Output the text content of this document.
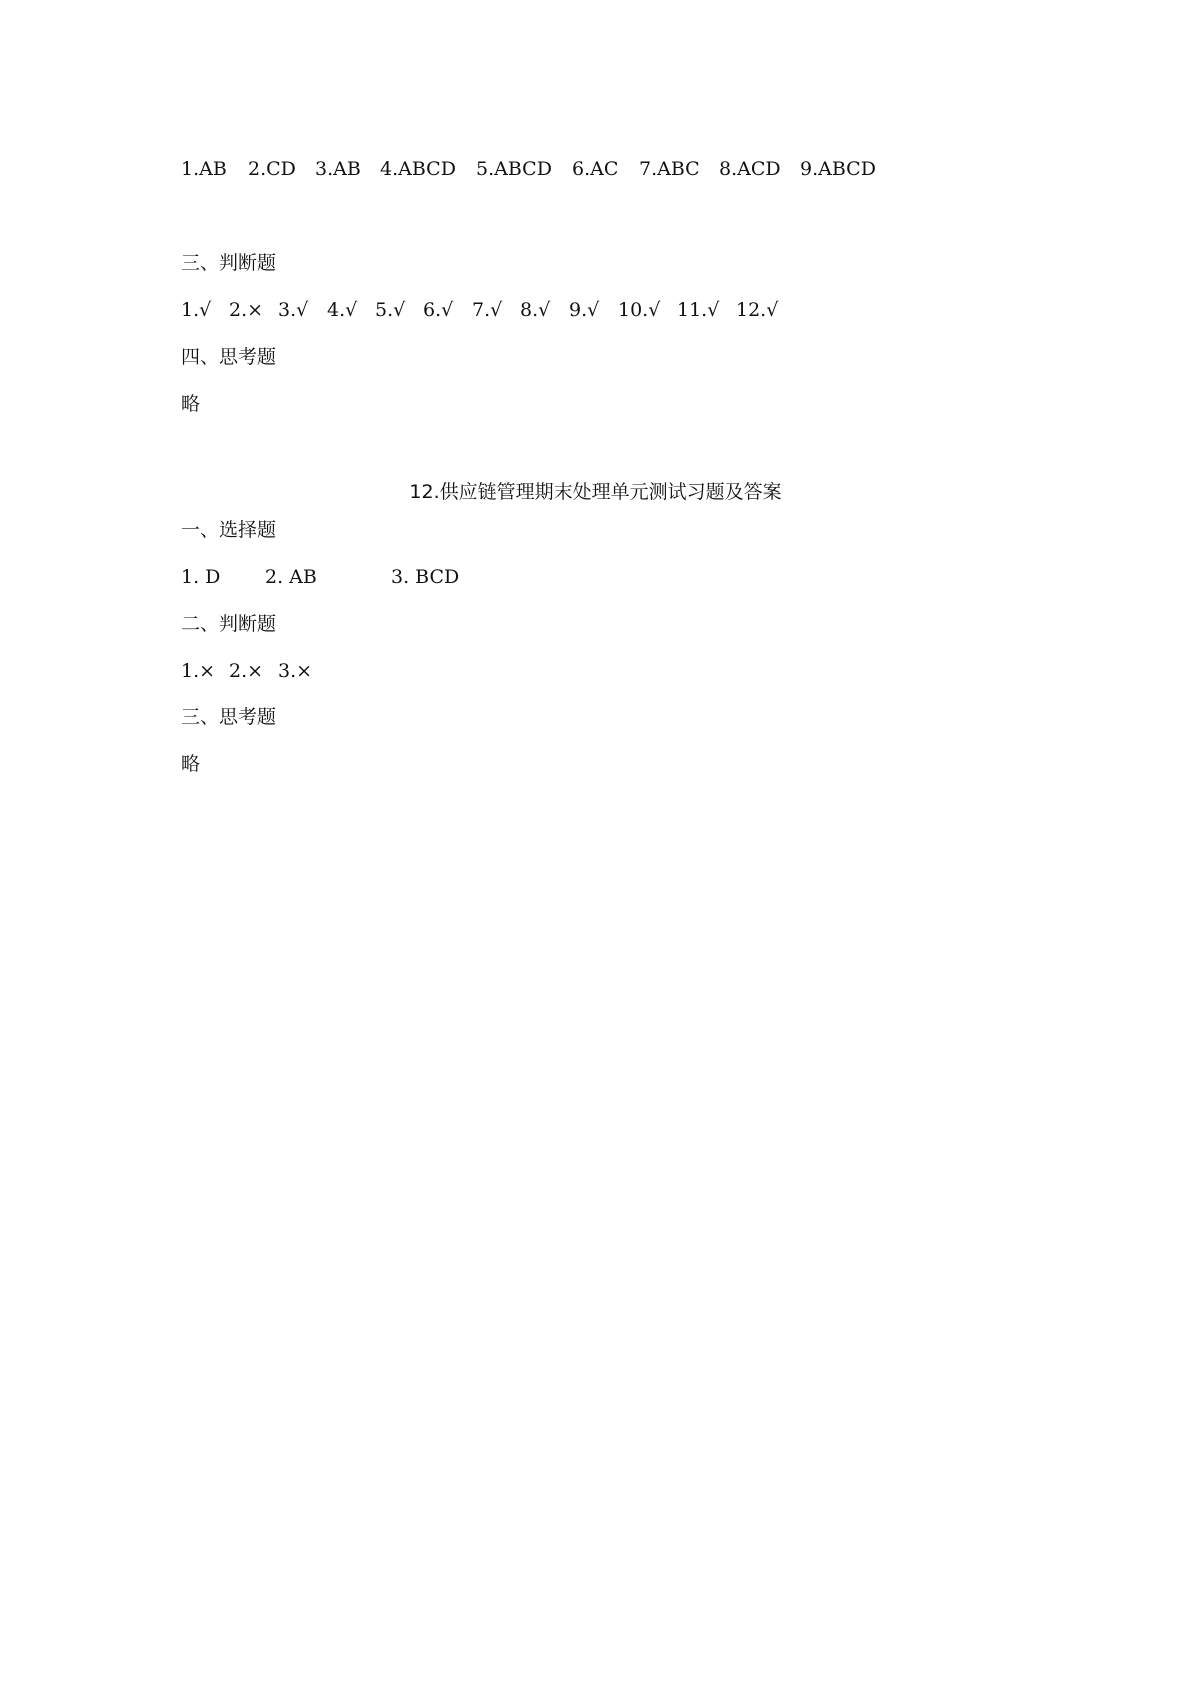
1.AB	2.CD	3.AB	4.ABCD	5.ABCD	6.AC	7.ABC	8.ACD	9.ABCD
三、判断题
1.√ 2.× 3.√ 4.√ 5.√ 6.√ 7.√ 8.√ 9.√ 10.√ 11.√ 12.√
四、思考题
略
12.供应链管理期末处理单元测试习题及答案
一、选择题
1. D	2. AB	3. BCD
二、判断题
1.× 2.× 3.×
三、思考题
略
